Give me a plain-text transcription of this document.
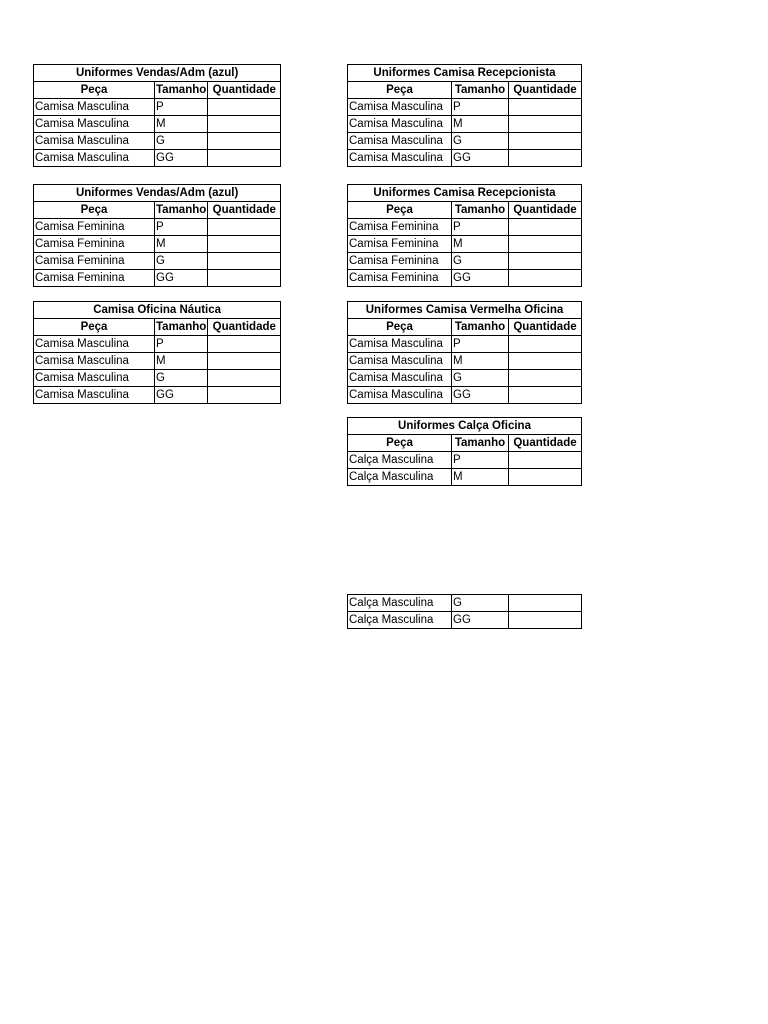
Uniformes Vendas/Adm (azul)		
Peça	Tamanho	Quantidade
Camisa Masculina	P	
Camisa Masculina	M	
Camisa Masculina	G	
Camisa Masculina	GG	
Uniformes Camisa Recepcionista		
Peça	Tamanho	Quantidade
Camisa Masculina	P	
Camisa Masculina	M	
Camisa Masculina	G	
Camisa Masculina	GG	
Uniformes Vendas/Adm (azul)		
Peça	Tamanho	Quantidade
Camisa Feminina	P	
Camisa Feminina	M	
Camisa Feminina	G	
Camisa Feminina	GG	
Uniformes Camisa Recepcionista		
Peça	Tamanho	Quantidade
Camisa Feminina	P	
Camisa Feminina	M	
Camisa Feminina	G	
Camisa Feminina	GG	
Camisa Oficina Náutica		
Peça	Tamanho	Quantidade
Camisa Masculina	P	
Camisa Masculina	M	
Camisa Masculina	G	
Camisa Masculina	GG	
Uniformes Camisa Vermelha Oficina		
Peça	Tamanho	Quantidade
Camisa Masculina	P	
Camisa Masculina	M	
Camisa Masculina	G	
Camisa Masculina	GG	
Uniformes Calça Oficina		
Peça	Tamanho	Quantidade
Calça Masculina	P	
Calça Masculina	M	
Calça Masculina	G	
Calça Masculina	GG	
